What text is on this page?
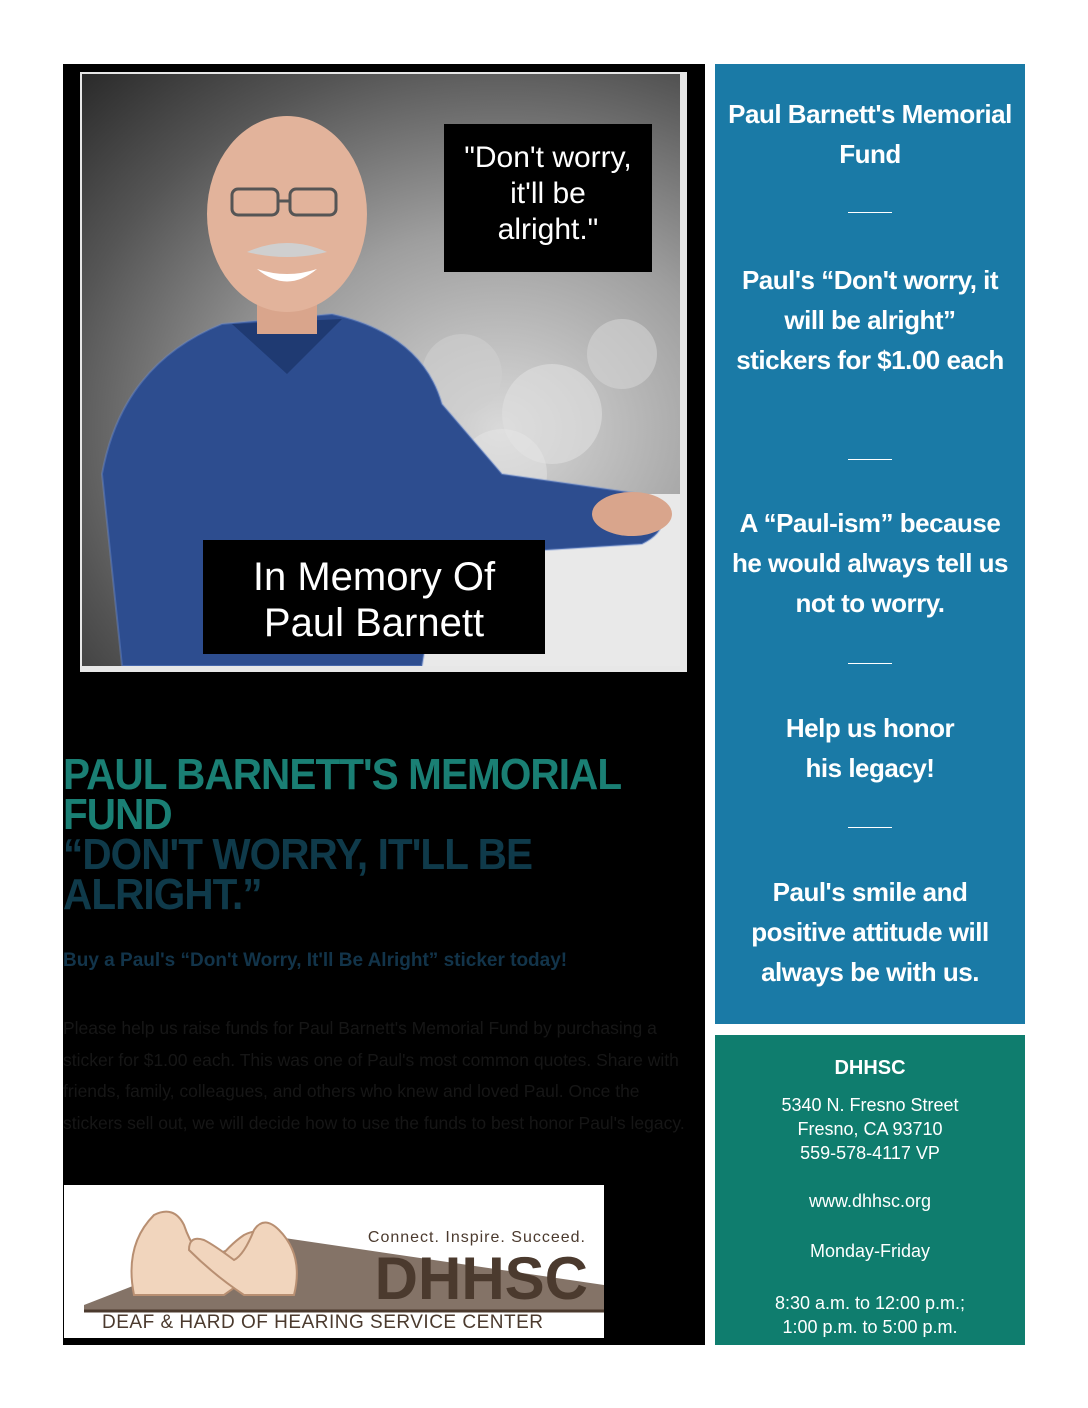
"Don't worry,
it'll be
alright."
In Memory Of
Paul Barnett
PAUL BARNETT'S MEMORIAL
FUND
“DON'T WORRY, IT'LL BE ALRIGHT.”
Buy a Paul's “Don't Worry, It'll Be Alright” sticker today!
Please help us raise funds for Paul Barnett's Memorial Fund by purchasing a sticker for $1.00 each. This was one of Paul's most common quotes. Share with friends, family, colleagues, and others who knew and loved Paul. Once the stickers sell out, we will decide how to use the funds to best honor Paul's legacy.
Connect. Inspire. Succeed.
DHHSC
DEAF & HARD OF HEARING SERVICE CENTER
Paul Barnett's Memorial Fund
Paul's “Don't worry, it will be alright” stickers for $1.00 each
A “Paul-ism” because he would always tell us not to worry.
Help us honor his legacy!
Paul's smile and positive attitude will always be with us.
DHHSC
5340 N. Fresno Street
Fresno, CA 93710
559-578-4117 VP
www.dhhsc.org
Monday-Friday
8:30 a.m. to 12:00 p.m.;
1:00 p.m. to 5:00 p.m.
